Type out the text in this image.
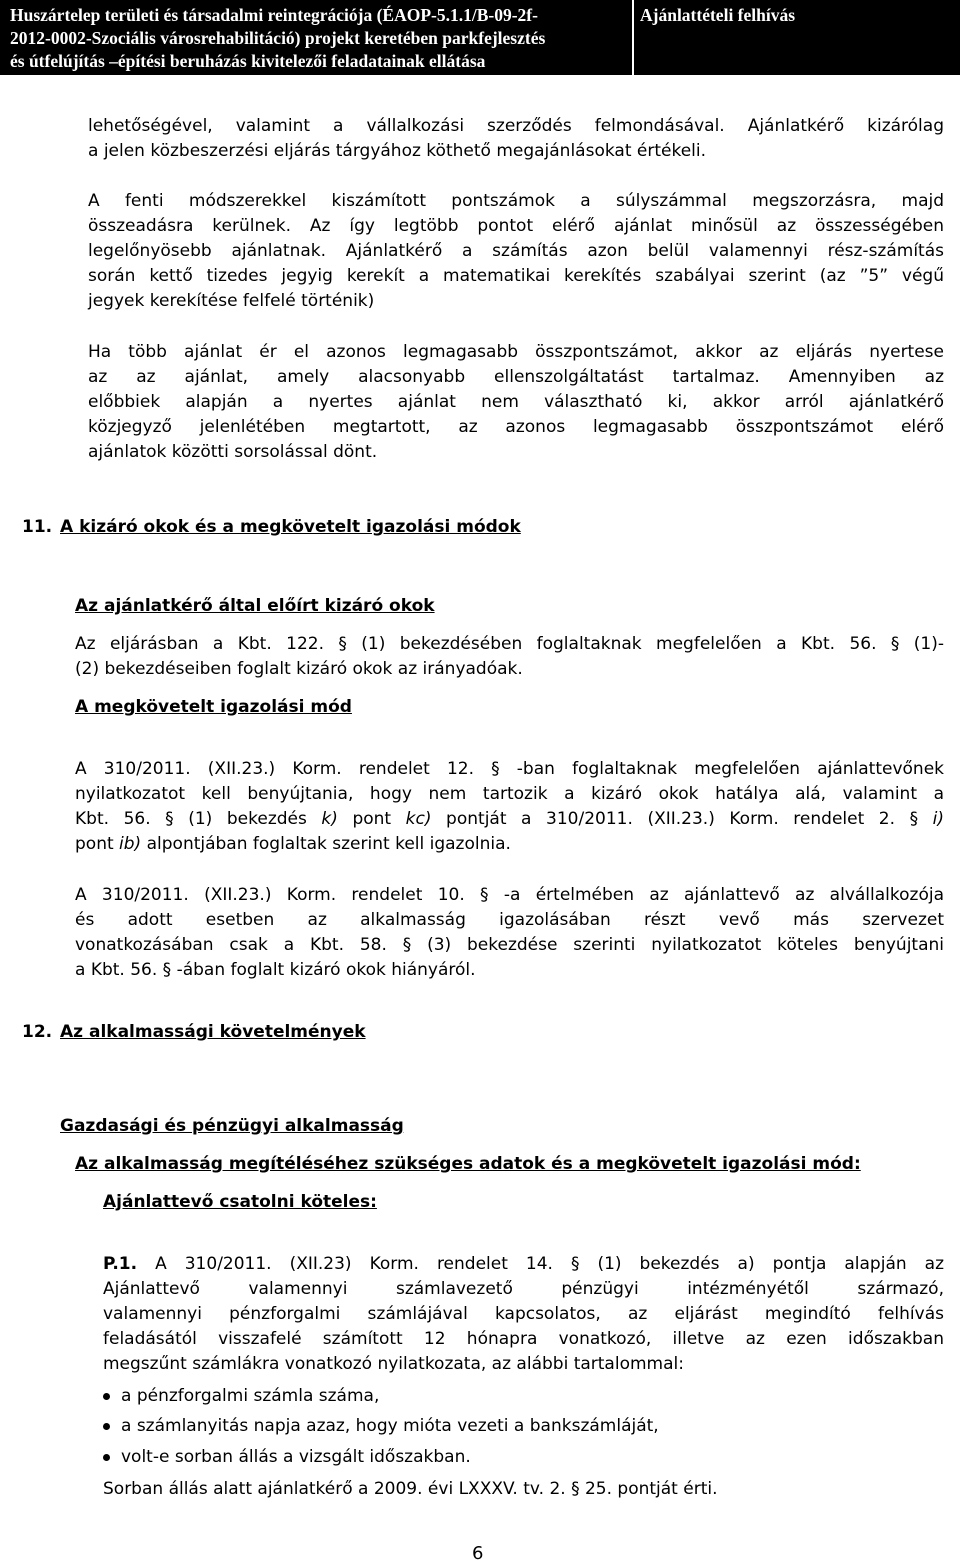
Huszártelep területi és társadalmi reintegrációja (ÉAOP-5.1.1/B-09-2f-
2012-0002-Szociális városrehabilitáció) projekt keretében parkfejlesztés
és útfelújítás –építési beruházás kivitelezői feladatainak ellátása
Ajánlattételi felhívás
lehetőségével, valamint a vállalkozási szerződés felmondásával. Ajánlatkérő kizárólag
a jelen közbeszerzési eljárás tárgyához köthető megajánlásokat értékeli.
A fenti módszerekkel kiszámított pontszámok a súlyszámmal megszorzásra, majd
összeadásra kerülnek. Az így legtöbb pontot elérő ajánlat minősül az összességében
legelőnyösebb ajánlatnak. Ajánlatkérő a számítás azon belül valamennyi rész-számítás
során kettő tizedes jegyig kerekít a matematikai kerekítés szabályai szerint (az ”5” végű
jegyek kerekítése felfelé történik)
Ha több ajánlat ér el azonos legmagasabb összpontszámot, akkor az eljárás nyertese
az az ajánlat, amely alacsonyabb ellenszolgáltatást tartalmaz. Amennyiben az
előbbiek alapján a nyertes ajánlat nem választható ki, akkor arról ajánlatkérő
közjegyző jelenlétében megtartott, az azonos legmagasabb összpontszámot elérő
ajánlatok közötti sorsolással dönt.
11. A kizáró okok és a megkövetelt igazolási módok
Az ajánlatkérő által előírt kizáró okok
Az eljárásban a Kbt. 122. § (1) bekezdésében foglaltaknak megfelelően a Kbt. 56. § (1)-
(2) bekezdéseiben foglalt kizáró okok az irányadóak.
A megkövetelt igazolási mód
A 310/2011. (XII.23.) Korm. rendelet 12. § -ban foglaltaknak megfelelően ajánlattevőnek
nyilatkozatot kell benyújtania, hogy nem tartozik a kizáró okok hatálya alá, valamint a
Kbt. 56. § (1) bekezdés k) pont kc) pontját a 310/2011. (XII.23.) Korm. rendelet 2. § i)
pont ib) alpontjában foglaltak szerint kell igazolnia.
A 310/2011. (XII.23.) Korm. rendelet 10. § -a értelmében az ajánlattevő az alvállalkozója
és adott esetben az alkalmasság igazolásában részt vevő más szervezet
vonatkozásában csak a Kbt. 58. § (3) bekezdése szerinti nyilatkozatot köteles benyújtani
a Kbt. 56. § -ában foglalt kizáró okok hiányáról.
12. Az alkalmassági követelmények
Gazdasági és pénzügyi alkalmasság
Az alkalmasság megítéléséhez szükséges adatok és a megkövetelt igazolási mód:
Ajánlattevő csatolni köteles:
P.1. A 310/2011. (XII.23) Korm. rendelet 14. § (1) bekezdés a) pontja alapján az
Ajánlattevő valamennyi számlavezető pénzügyi intézményétől származó,
valamennyi pénzforgalmi számlájával kapcsolatos, az eljárást megindító felhívás
feladásától visszafelé számított 12 hónapra vonatkozó, illetve az ezen időszakban
megszűnt számlákra vonatkozó nyilatkozata, az alábbi tartalommal:
a pénzforgalmi számla száma,
a számlanyitás napja azaz, hogy mióta vezeti a bankszámláját,
volt-e sorban állás a vizsgált időszakban.
Sorban állás alatt ajánlatkérő a 2009. évi LXXXV. tv. 2. § 25. pontját érti.
6
